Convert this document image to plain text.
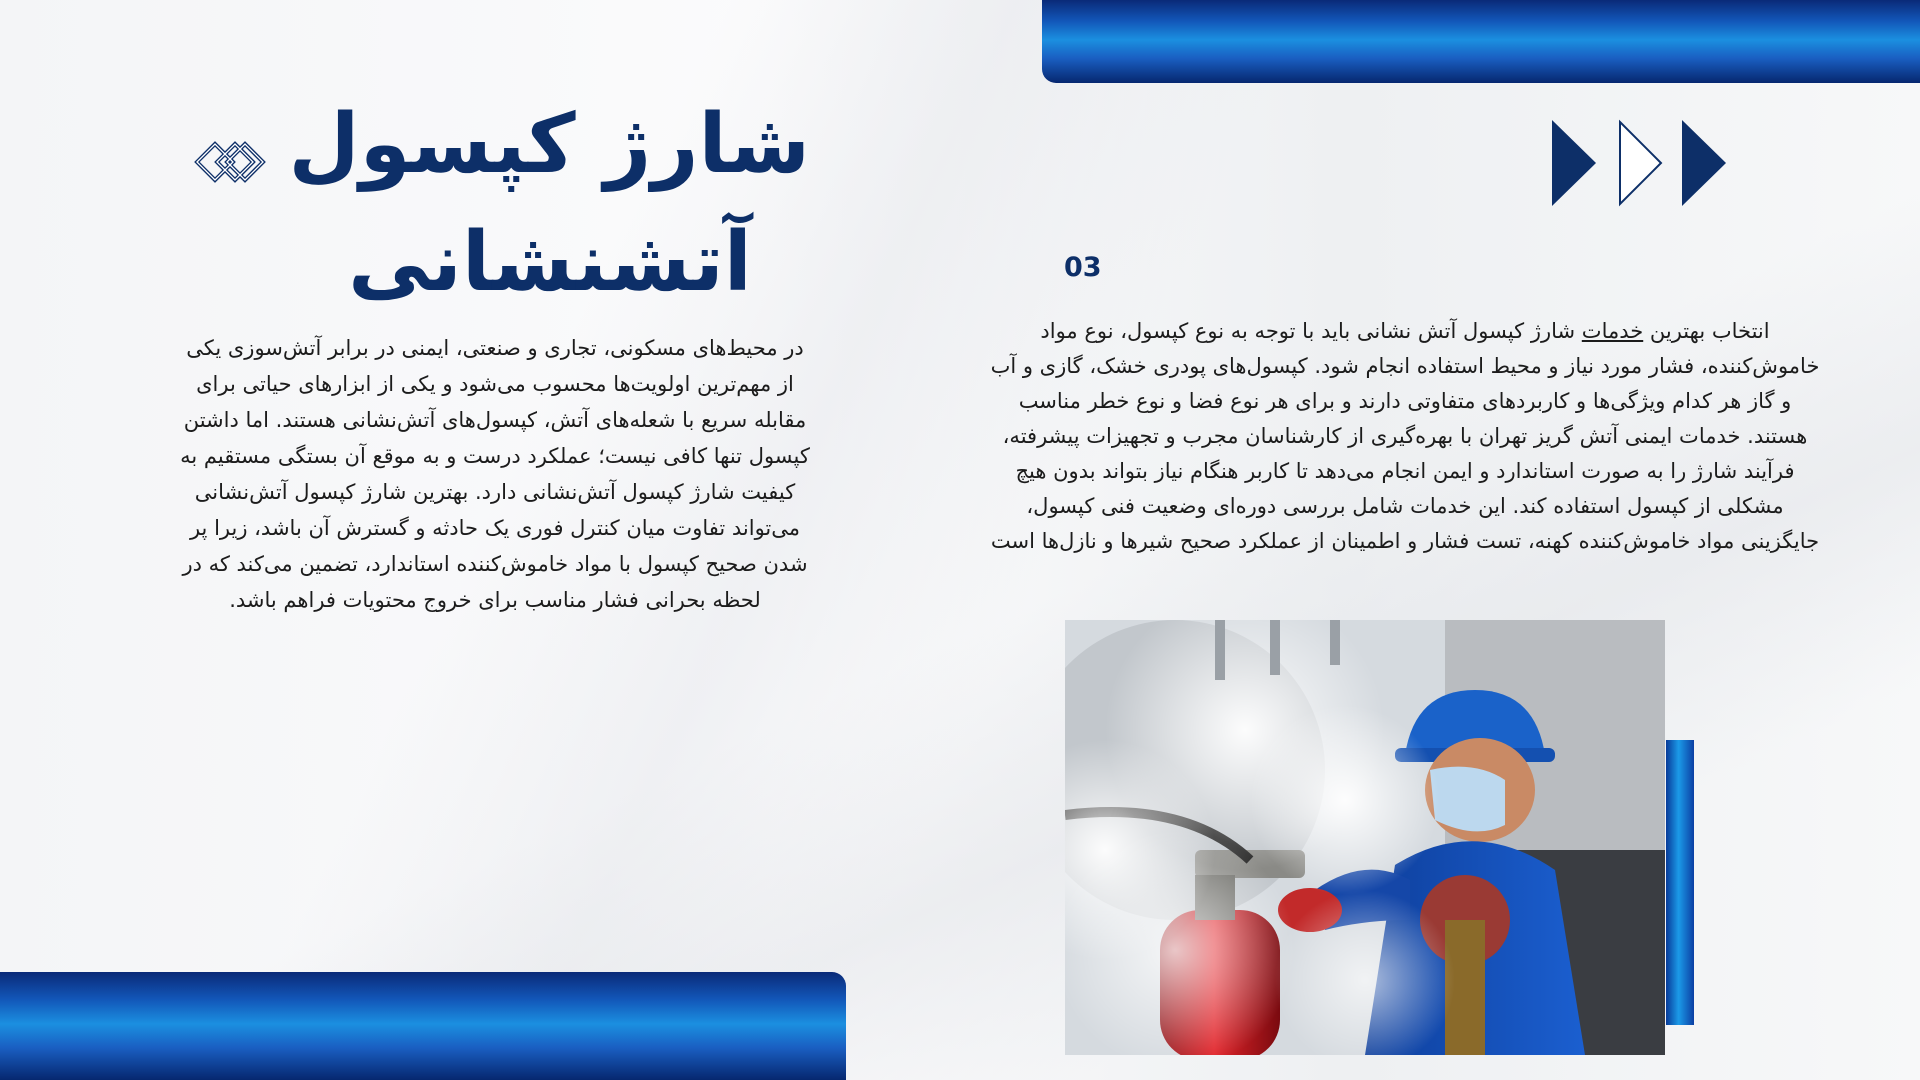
شارژ کپسول
آتشنشانی	03

در محیط‌های مسکونی، تجاری و صنعتی، ایمنی در برابر آتش‌سوزی یکی از مهم‌ترین اولویت‌ها محسوب می‌شود و یکی از ابزارهای حیاتی برای مقابله سریع با شعله‌های آتش، کپسول‌های آتش‌نشانی هستند. اما داشتن کپسول تنها کافی نیست؛ عملکرد درست و به موقع آن بستگی مستقیم به کیفیت شارژ کپسول آتش‌نشانی دارد. بهترین شارژ کپسول آتش‌نشانی می‌تواند تفاوت میان کنترل فوری یک حادثه و گسترش آن باشد، زیرا پر شدن صحیح کپسول با مواد خاموش‌کننده استاندارد، تضمین می‌کند که در لحظه بحرانی فشار مناسب برای خروج محتویات فراهم باشد.

انتخاب بهترین خدمات شارژ کپسول آتش نشانی باید با توجه به نوع کپسول، نوع مواد خاموش‌کننده، فشار مورد نیاز و محیط استفاده انجام شود. کپسول‌های پودری خشک، گازی و آب و گاز هر کدام ویژگی‌ها و کاربردهای متفاوتی دارند و برای هر نوع فضا و نوع خطر مناسب هستند. خدمات ایمنی آتش گریز تهران با بهره‌گیری از کارشناسان مجرب و تجهیزات پیشرفته، فرآیند شارژ را به صورت استاندارد و ایمن انجام می‌دهد تا کاربر هنگام نیاز بتواند بدون هیچ مشکلی از کپسول استفاده کند. این خدمات شامل بررسی دوره‌ای وضعیت فنی کپسول، جایگزینی مواد خاموش‌کننده کهنه، تست فشار و اطمینان از عملکرد صحیح شیرها و نازل‌ها است
